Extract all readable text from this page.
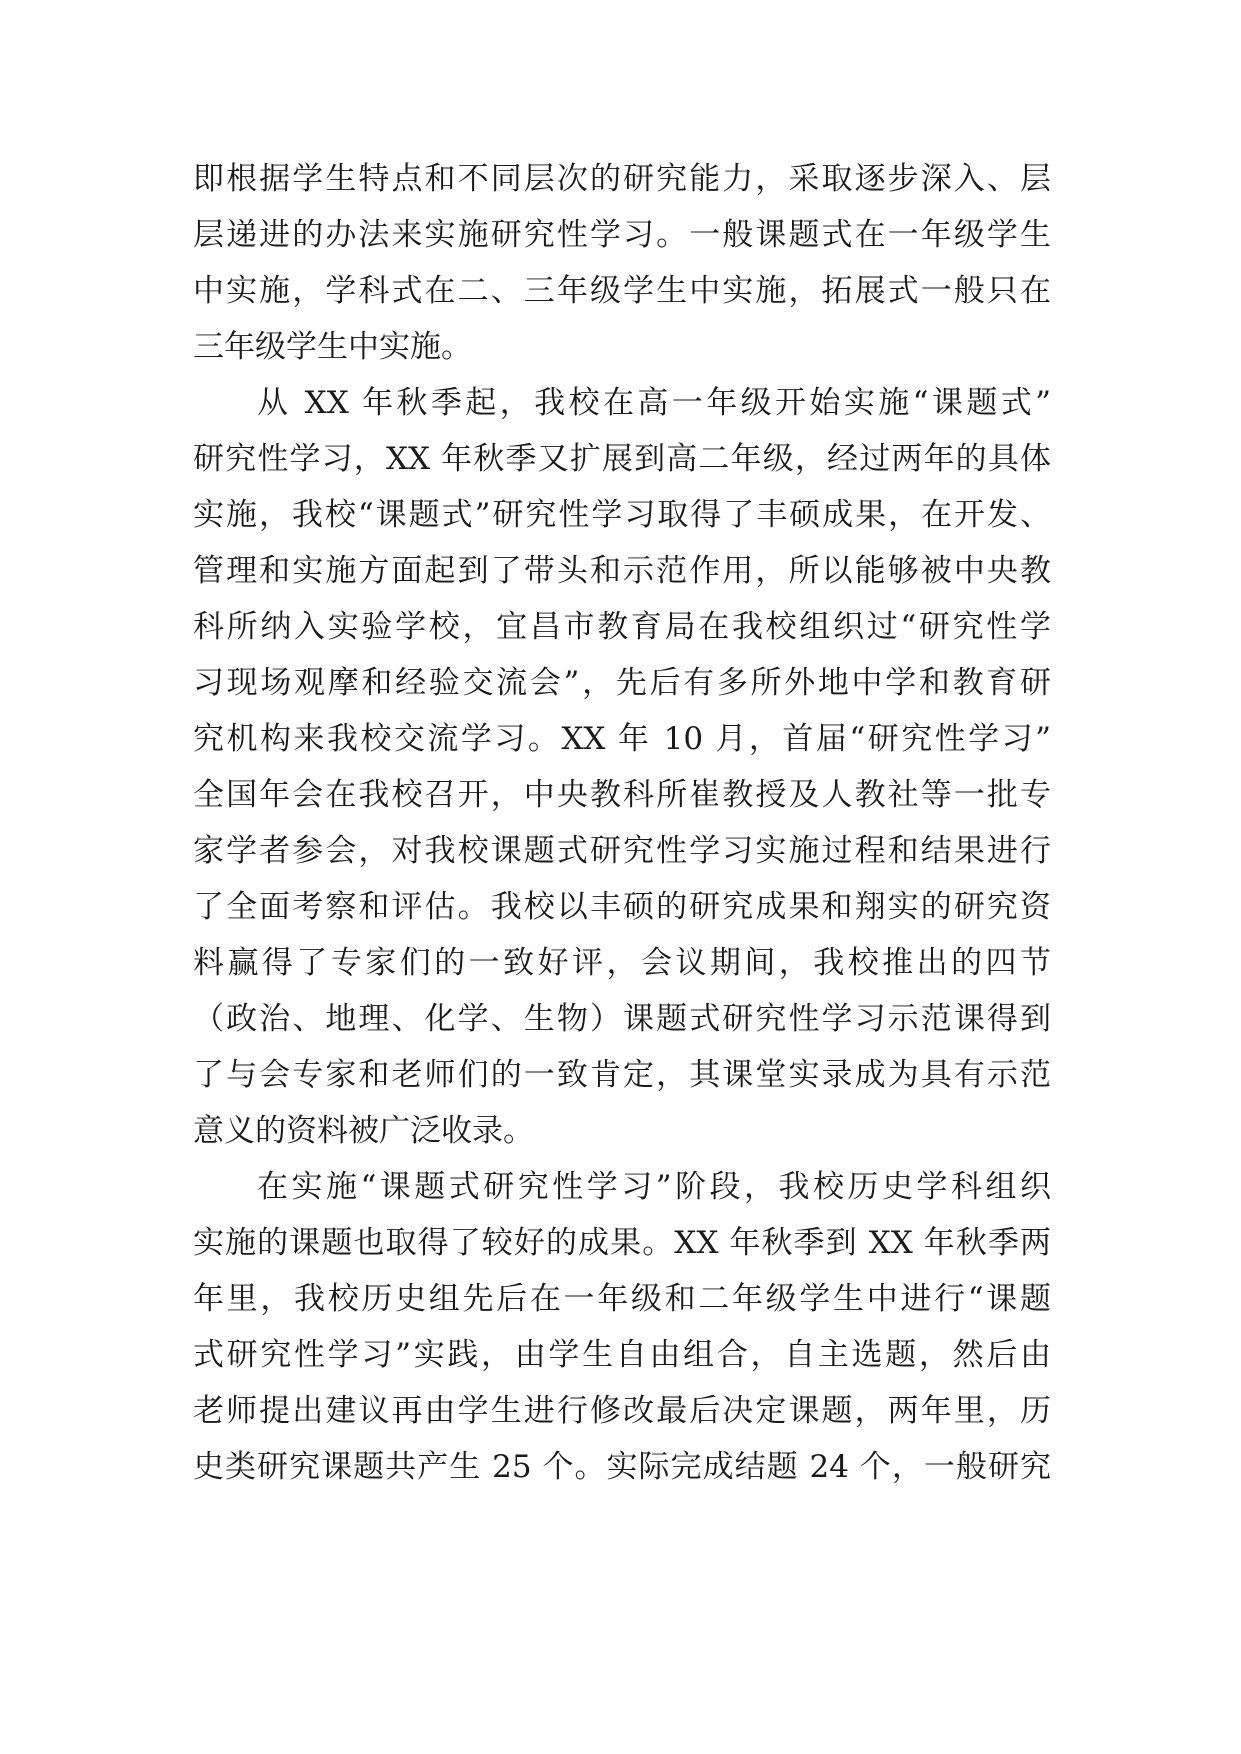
即根据学生特点和不同层次的研究能力，采取逐步深入、层
层递进的办法来实施研究性学习。一般课题式在一年级学生
中实施，学科式在二、三年级学生中实施，拓展式一般只在
三年级学生中实施。
从 XX 年秋季起，我校在高一年级开始实施“课题式”
研究性学习，XX 年秋季又扩展到高二年级，经过两年的具体
实施，我校“课题式”研究性学习取得了丰硕成果，在开发、
管理和实施方面起到了带头和示范作用，所以能够被中央教
科所纳入实验学校，宜昌市教育局在我校组织过“研究性学
习现场观摩和经验交流会”，先后有多所外地中学和教育研
究机构来我校交流学习。XX 年 10 月，首届“研究性学习”
全国年会在我校召开，中央教科所崔教授及人教社等一批专
家学者参会，对我校课题式研究性学习实施过程和结果进行
了全面考察和评估。我校以丰硕的研究成果和翔实的研究资
料赢得了专家们的一致好评，会议期间，我校推出的四节
（政治、地理、化学、生物）课题式研究性学习示范课得到
了与会专家和老师们的一致肯定，其课堂实录成为具有示范
意义的资料被广泛收录。
在实施“课题式研究性学习”阶段，我校历史学科组织
实施的课题也取得了较好的成果。XX 年秋季到 XX 年秋季两
年里，我校历史组先后在一年级和二年级学生中进行“课题
式研究性学习”实践，由学生自由组合，自主选题，然后由
老师提出建议再由学生进行修改最后决定课题，两年里，历
史类研究课题共产生 25 个。实际完成结题 24 个，一般研究
